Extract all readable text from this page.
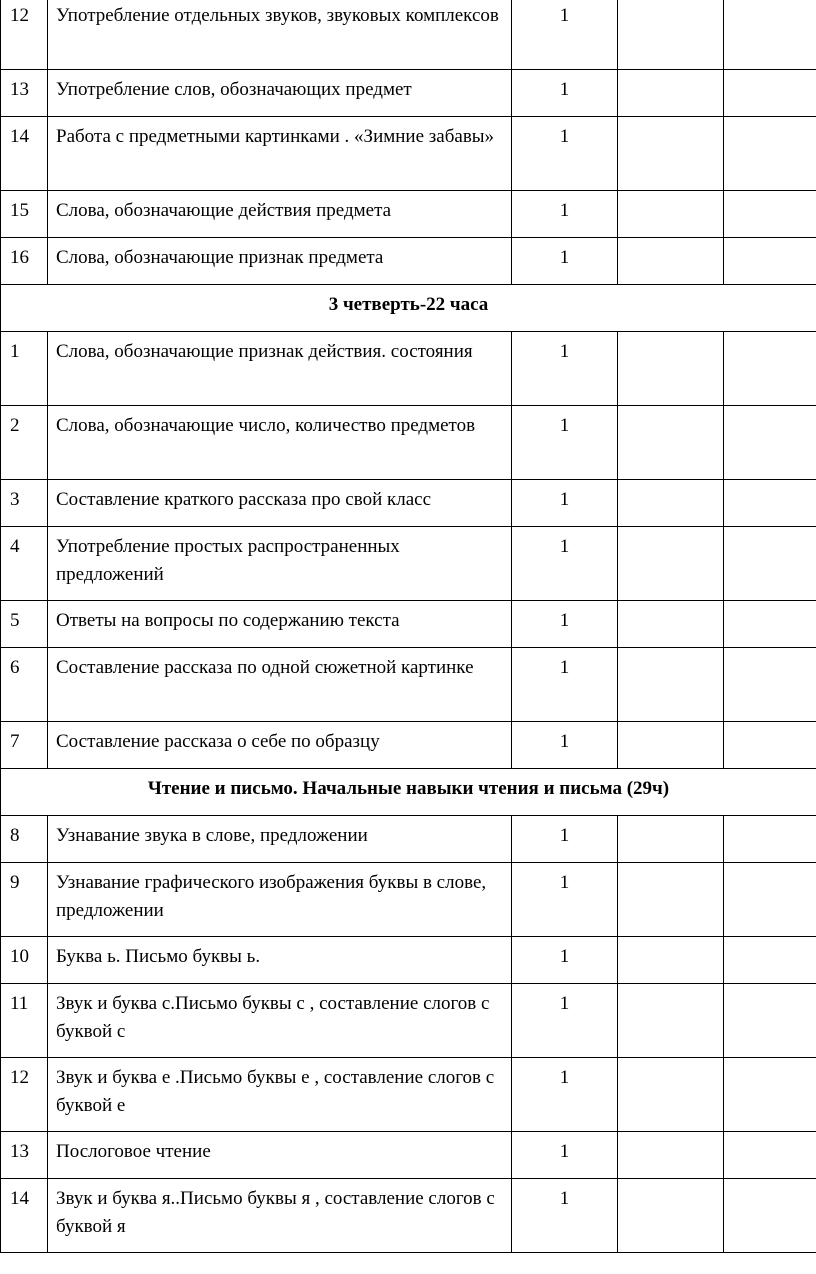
12	Употребление отдельных звуков, звуковых комплексов	1		
13	Употребление слов, обозначающих предмет	1		
14	Работа с предметными картинками . «Зимние забавы»	1		
15	Слова, обозначающие действия предмета	1		
16	Слова, обозначающие признак предмета	1		
3 четверть-22 часа				
1	Слова, обозначающие признак действия. состояния	1		
2	Слова, обозначающие число, количество предметов	1		
3	Составление краткого рассказа про свой класс	1		
4	Употребление простых распространенных предложений	1		
5	Ответы на вопросы по содержанию текста	1		
6	Составление рассказа по одной сюжетной картинке	1		
7	Составление рассказа о себе по образцу	1		
Чтение и письмо. Начальные навыки чтения и письма (29ч)				
8	Узнавание звука в слове, предложении	1		
9	Узнавание графического изображения буквы в слове, предложении	1		
10	Буква ь. Письмо буквы ь.	1		
11	Звук и буква с.Письмо буквы с , составление слогов с буквой с	1		
12	Звук и буква е .Письмо буквы е , составление слогов с буквой е	1		
13	Послоговое чтение	1		
14	Звук и буква я..Письмо буквы я , составление слогов с буквой я	1		
